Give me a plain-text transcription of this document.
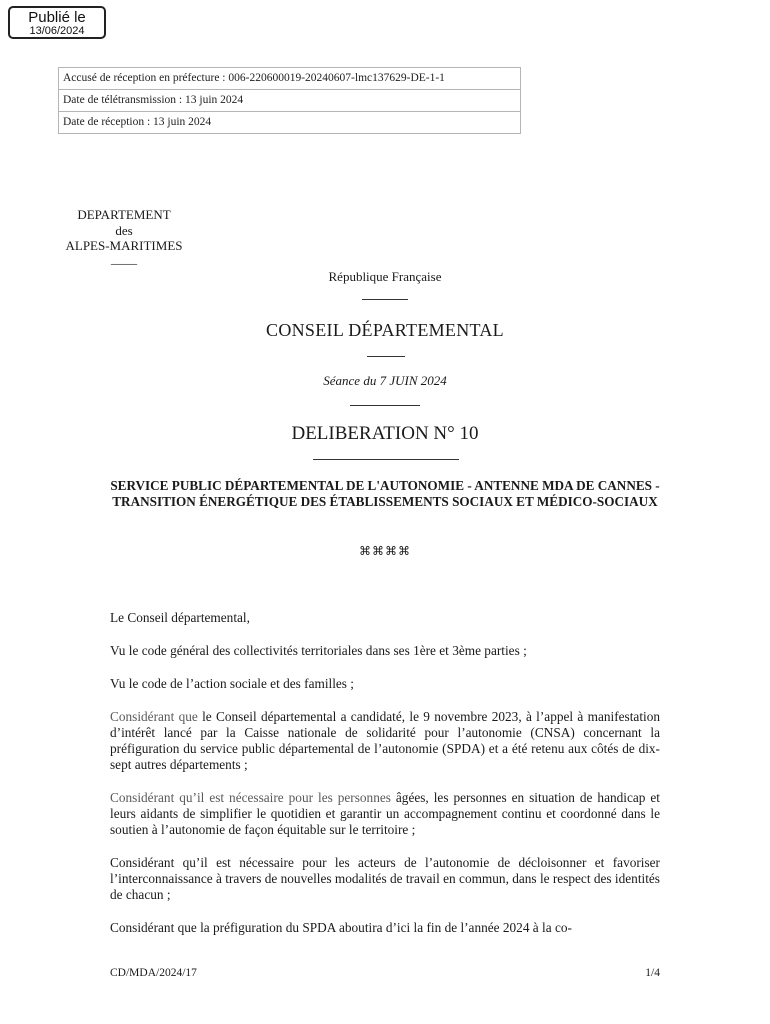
Publié le
13/06/2024
Accusé de réception en préfecture : 006-220600019-20240607-lmc137629-DE-1-1
Date de télétransmission : 13 juin 2024
Date de réception : 13 juin 2024
DEPARTEMENT
des
ALPES-MARITIMES
____
République Française
CONSEIL DÉPARTEMENTAL
Séance du 7 JUIN 2024
DELIBERATION N° 10
SERVICE PUBLIC DÉPARTEMENTAL DE L'AUTONOMIE - ANTENNE MDA DE CANNES - TRANSITION ÉNERGÉTIQUE DES ÉTABLISSEMENTS SOCIAUX ET MÉDICO-SOCIAUX
⌘⌘⌘⌘

Le Conseil départemental,

Vu le code général des collectivités territoriales dans ses 1ère et 3ème parties ;

Vu le code de l’action sociale et des familles ;

Considérant que le Conseil départemental a candidaté, le 9 novembre 2023, à l’appel à manifestation d’intérêt lancé par la Caisse nationale de solidarité pour l’autonomie (CNSA) concernant la préfiguration du service public départemental de l’autonomie (SPDA) et a été retenu aux côtés de dix-sept autres départements ;

Considérant qu’il est nécessaire pour les personnes âgées, les personnes en situation de handicap et leurs aidants de simplifier le quotidien et garantir un accompagnement continu et coordonné dans le soutien à l’autonomie de façon équitable sur le territoire ;

Considérant qu’il est nécessaire pour les acteurs de l’autonomie de décloisonner et favoriser l’interconnaissance à travers de nouvelles modalités de travail en commun, dans le respect des identités de chacun ;

Considérant que la préfiguration du SPDA aboutira d’ici la fin de l’année 2024 à la co-

CD/MDA/2024/17	1/4
